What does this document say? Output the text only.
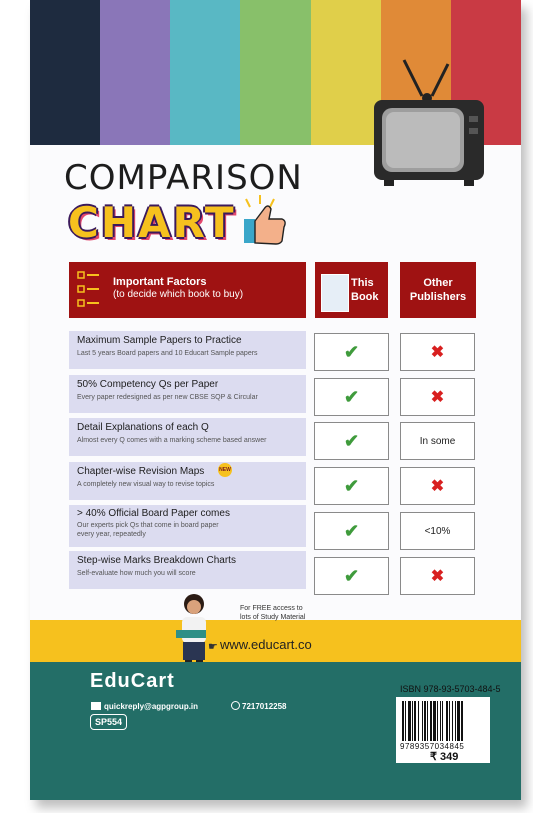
COMPARISON
CHART
Important Factors
(to decide which book to buy)
This Book
Other Publishers
Maximum Sample Papers to Practice
Last 5 years Board papers and 10 Educart Sample papers	✔	✖
50% Competency Qs per Paper
Every paper redesigned as per new CBSE SQP & Circular	✔	✖
Detail Explanations of each Q
Almost every Q comes with a marking scheme based answer	✔	In some
Chapter-wise Revision Maps	NEW
A completely new visual way to revise topics	✔	✖
> 40% Official Board Paper comes
Our experts pick Qs that come in board paper
every year, repeatedly	✔	<10%
Step-wise Marks Breakdown Charts
Self-evaluate how much you will score	✔	✖
For FREE access to
lots of Study Material
☛ www.educart.co
EduCart
quickreply@agpgroup.in	7217012258
SP554
ISBN 978-93-5703-484-5
9789357034845
₹ 349
